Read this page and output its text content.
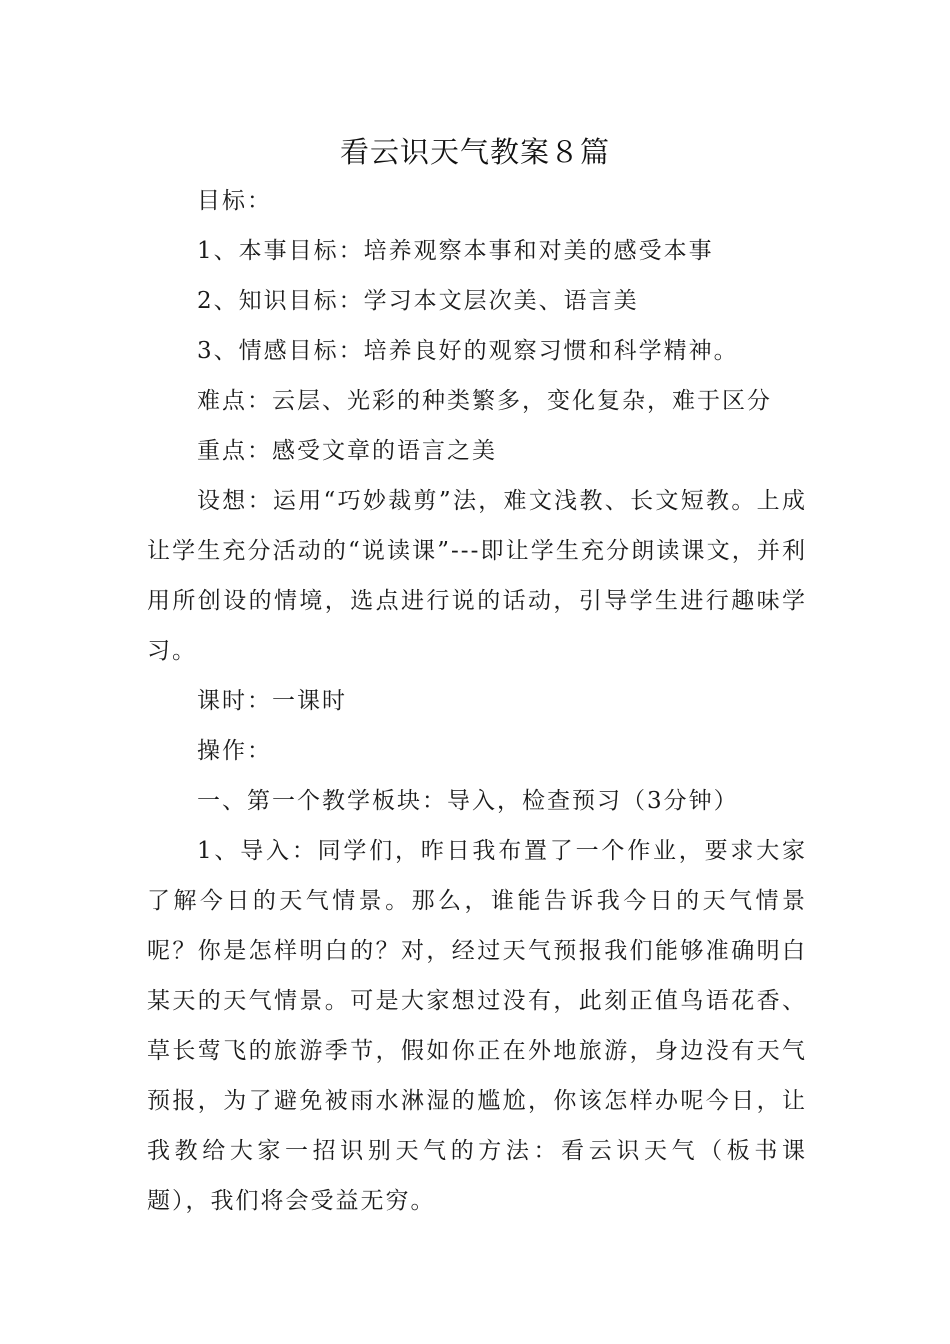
看云识天气教案８篇
目标：
1、本事目标：培养观察本事和对美的感受本事
2、知识目标：学习本文层次美、语言美
3、情感目标：培养良好的观察习惯和科学精神。
难点：云层、光彩的种类繁多，变化复杂，难于区分
重点：感受文章的语言之美
设想：运用“巧妙裁剪”法，难文浅教、长文短教。上成让学生充分活动的“说读课”---即让学生充分朗读课文，并利用所创设的情境，选点进行说的话动，引导学生进行趣味学习。
课时：一课时
操作：
一、第一个教学板块：导入，检查预习（3分钟）
1、导入：同学们，昨日我布置了一个作业，要求大家了解今日的天气情景。那么，谁能告诉我今日的天气情景呢？你是怎样明白的？对，经过天气预报我们能够准确明白某天的天气情景。可是大家想过没有，此刻正值鸟语花香、草长莺飞的旅游季节，假如你正在外地旅游，身边没有天气预报，为了避免被雨水淋湿的尴尬，你该怎样办呢今日，让我教给大家一招识别天气的方法：看云识天气（板书课题），我们将会受益无穷。
